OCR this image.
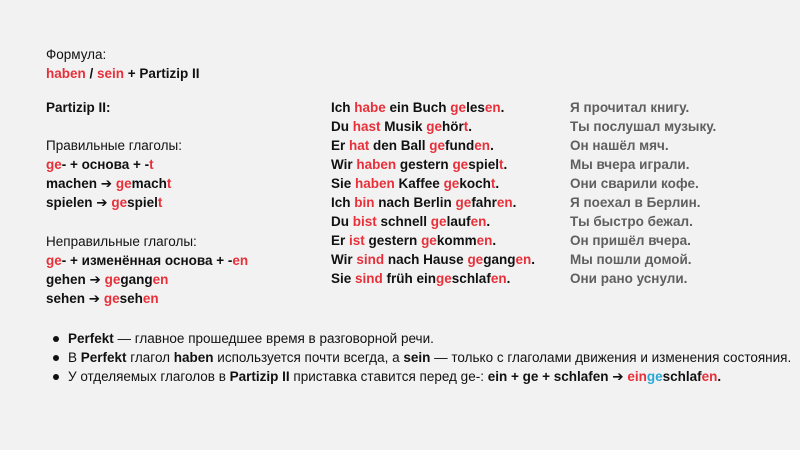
Формула:
haben / sein + Partizip II
Partizip II:
Правильные глаголы:
ge- + основа + -t
machen ➔ gemacht
spielen ➔ gespielt
Неправильные глаголы:
ge- + изменённая основа + -en
gehen ➔ gegangen
sehen ➔ gesehen
Ich habe ein Buch gelesen.	Я прочитал книгу.
Du hast Musik gehört.	Ты послушал музыку.
Er hat den Ball gefunden.	Он нашёл мяч.
Wir haben gestern gespielt.	Мы вчера играли.
Sie haben Kaffee gekocht.	Они сварили кофе.
Ich bin nach Berlin gefahren.	Я поехал в Берлин.
Du bist schnell gelaufen.	Ты быстро бежал.
Er ist gestern gekommen.	Он пришёл вчера.
Wir sind nach Hause gegangen.	Мы пошли домой.
Sie sind früh eingeschlafen.	Они рано уснули.
Perfekt — главное прошедшее время в разговорной речи.
В Perfekt глагол haben используется почти всегда, а sein — только с глаголами движения и изменения состояния.
У отделяемых глаголов в Partizip II приставка ставится перед ge-: ein + ge + schlafen ➔ eingeschlafen.
